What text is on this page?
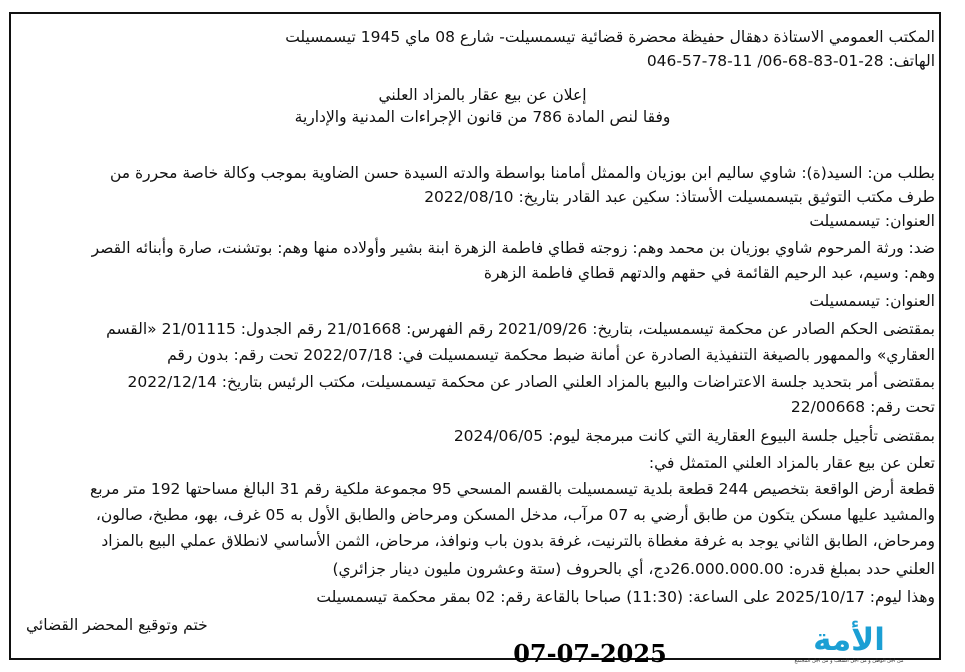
المكتب العمومي الاستاذة دهقال حفيظة محضرة قضائية تيسمسيلت- شارع 08 ماي 1945 تيسمسيلت
الهاتف: 28-01-83-68-06/ 11-78-57-046
إعلان عن بيع عقار بالمزاد العلني
وفقا لنص المادة 786 من قانون الإجراءات المدنية والإدارية
بطلب من: السيد(ة): شاوي ساليم ابن بوزيان والممثل أمامنا بواسطة والدته السيدة حسن الضاوية بموجب وكالة خاصة محررة من
طرف مكتب التوثيق بتيسمسيلت الأستاذ: سكين عبد القادر بتاريخ: 2022/08/10
العنوان: تيسمسيلت
ضد: ورثة المرحوم شاوي بوزيان بن محمد وهم: زوجته قطاي فاطمة الزهرة ابنة بشير وأولاده منها وهم: بوتشنت، صارة وأبنائه القصر
وهم: وسيم، عبد الرحيم القائمة في حقهم والدتهم قطاي فاطمة الزهرة
العنوان: تيسمسيلت
بمقتضى الحكم الصادر عن محكمة تيسمسيلت، بتاريخ: 2021/09/26 رقم الفهرس: 21/01668 رقم الجدول: 21/01115 «القسم
العقاري» والممهور بالصيغة التنفيذية الصادرة عن أمانة ضبط محكمة تيسمسيلت في: 2022/07/18 تحت رقم: بدون رقم
بمقتضى أمر بتحديد جلسة الاعتراضات والبيع بالمزاد العلني الصادر عن محكمة تيسمسيلت، مكتب الرئيس بتاريخ: 2022/12/14
تحت رقم: 22/00668
بمقتضى تأجيل جلسة البيوع العقارية التي كانت مبرمجة ليوم: 2024/06/05
تعلن عن بيع عقار بالمزاد العلني المتمثل في:
قطعة أرض الواقعة بتخصيص 244 قطعة بلدية تيسمسيلت بالقسم المسحي 95 مجموعة ملكية رقم 31 البالغ مساحتها 192 متر مربع
والمشيد عليها مسكن يتكون من طابق أرضي به 07 مرآب، مدخل المسكن ومرحاض والطابق الأول به 05 غرف، بهو، مطبخ، صالون،
ومرحاض، الطابق الثاني يوجد به غرفة مغطاة بالترنيت، غرفة بدون باب ونوافذ، مرحاض، الثمن الأساسي لانطلاق عملي البيع بالمزاد
العلني حدد بمبلغ قدره: 26.000.000.00دج، أي بالحروف (ستة وعشرون مليون دينار جزائري)
وهذا ليوم: 2025/10/17 على الساعة: (11:30) صباحا بالقاعة رقم: 02 بمقر محكمة تيسمسيلت
ختم وتوقيع المحضر القضائي	الأمة
من أجل الوطن و من أجل الشعب و من أجل المجتمع
07-07-2025
